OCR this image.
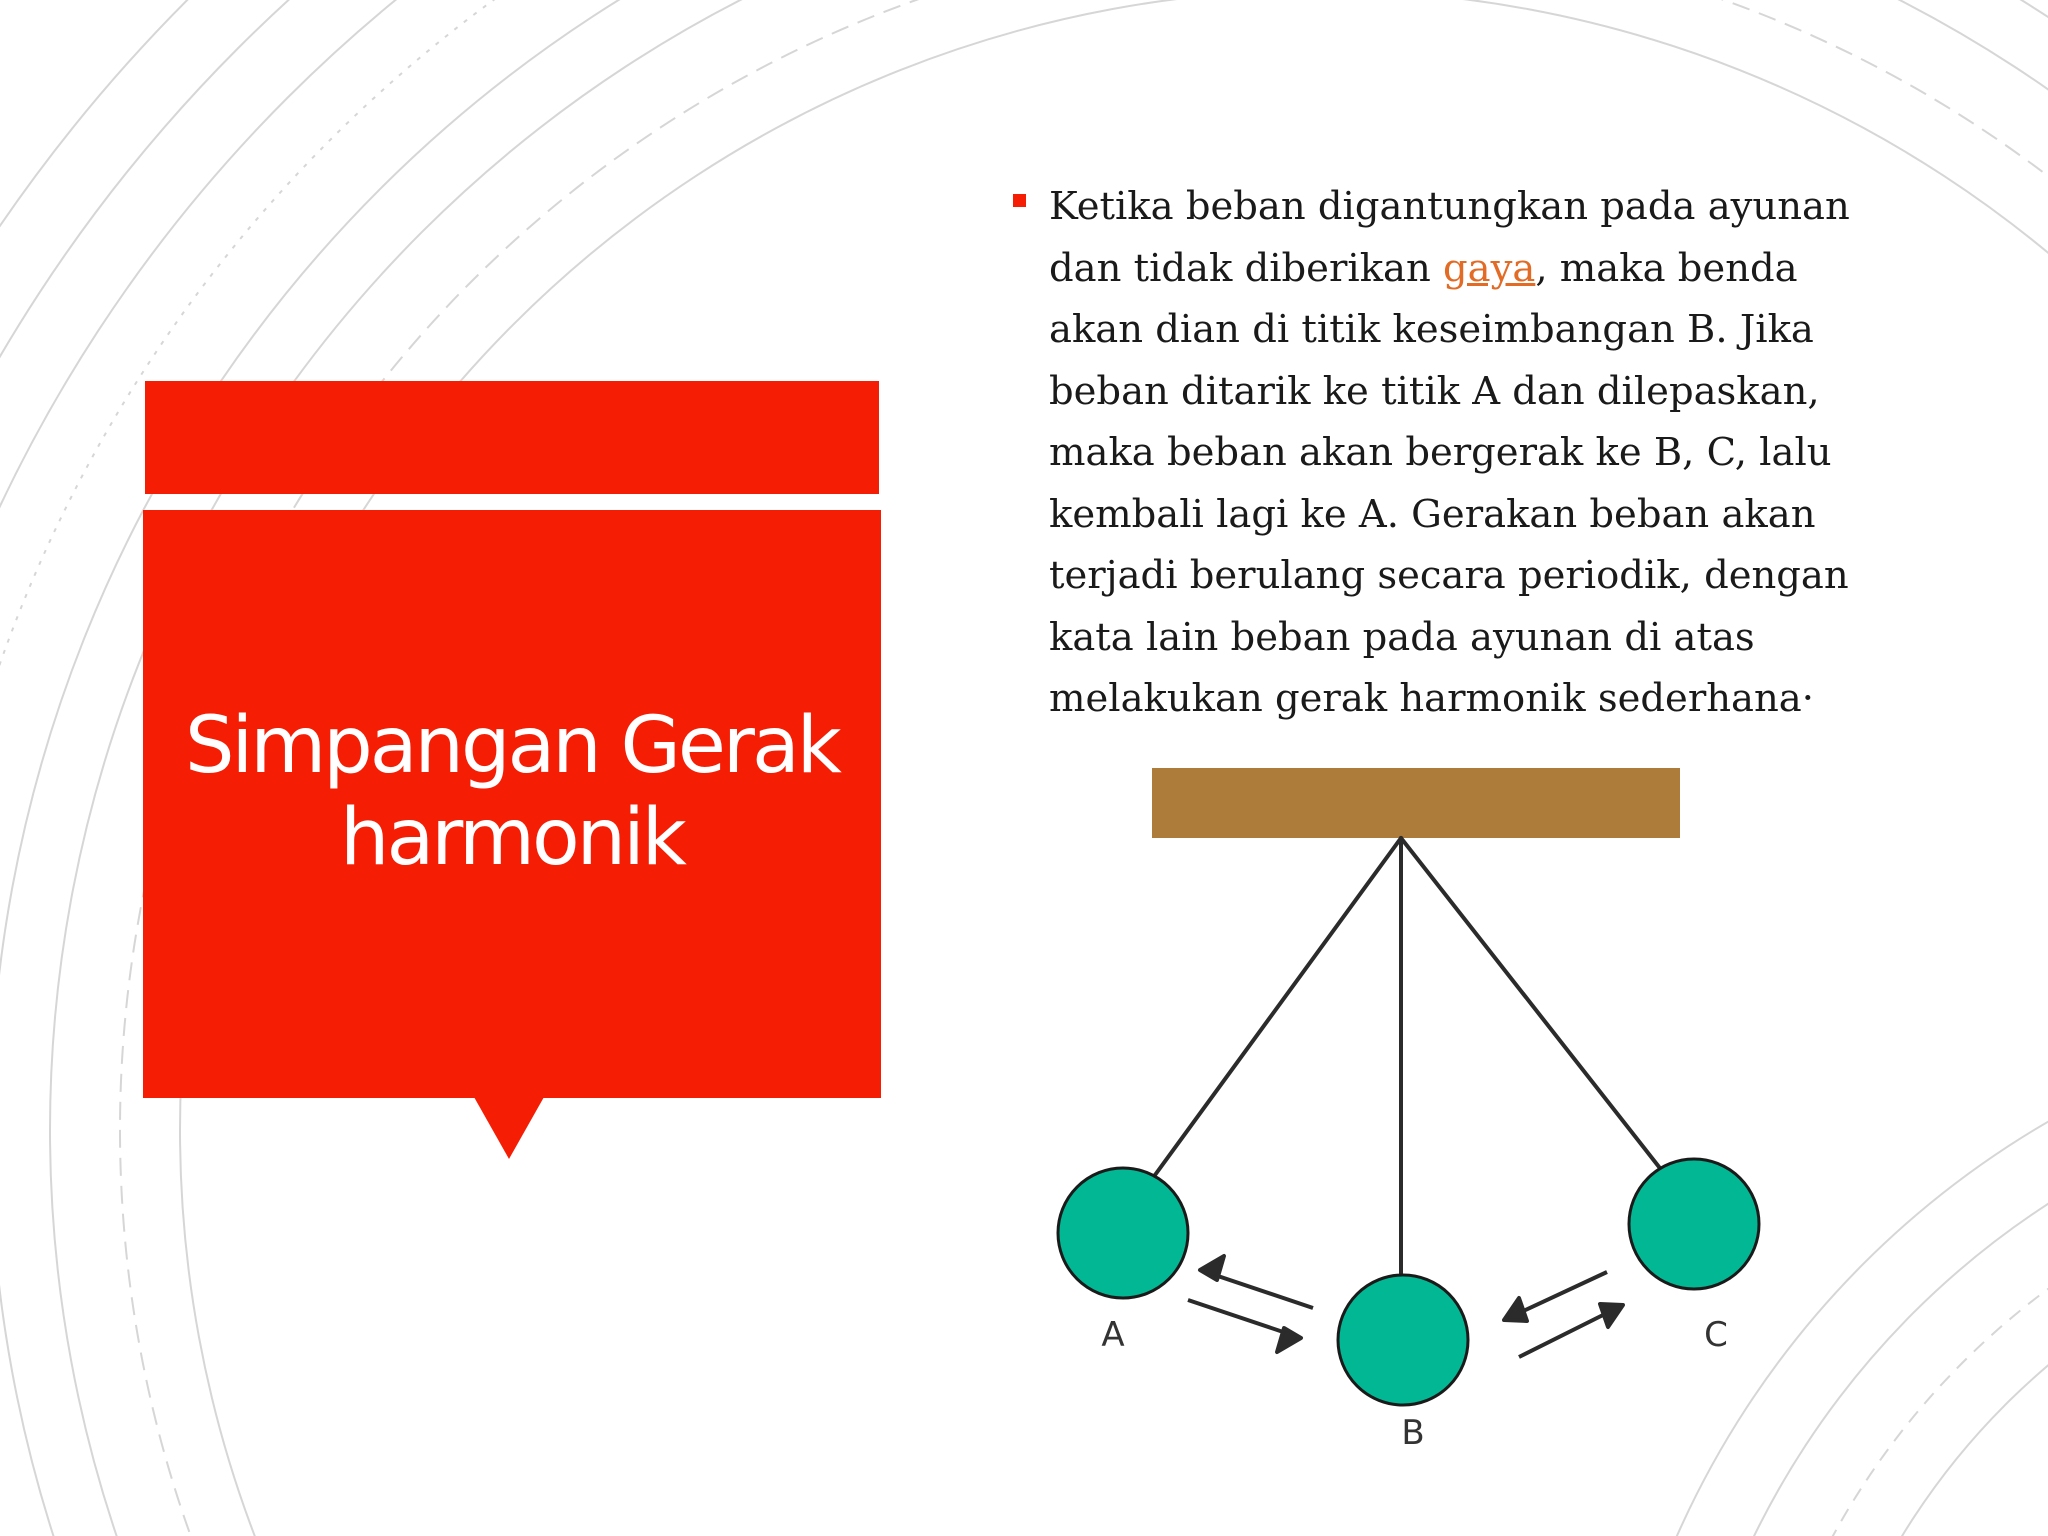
Simpangan Gerak
harmonik

Ketika beban digantungkan pada ayunan
dan tidak diberikan gaya, maka benda
akan dian di titik keseimbangan B. Jika
beban ditarik ke titik A dan dilepaskan,
maka beban akan bergerak ke B, C, lalu
kembali lagi ke A. Gerakan beban akan
terjadi berulang secara periodik, dengan
kata lain beban pada ayunan di atas
melakukan gerak harmonik sederhana·

A
B
C
